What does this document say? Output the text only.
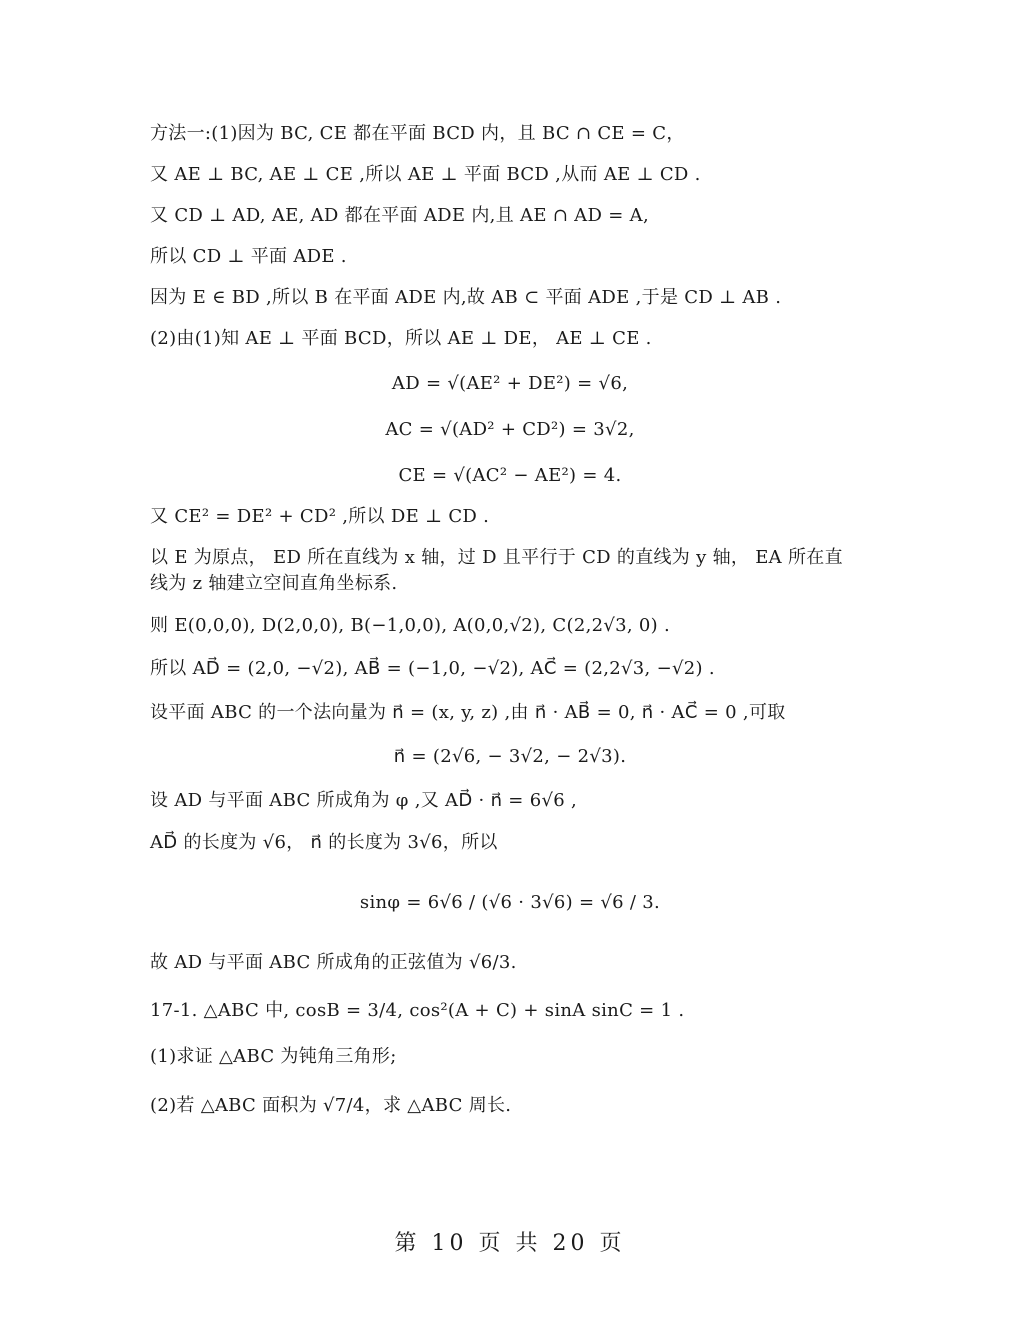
方法一:(1)因为 BC, CE 都在平面 BCD 内，且 BC ∩ CE = C，
又 AE ⊥ BC, AE ⊥ CE ,所以 AE ⊥ 平面 BCD ,从而 AE ⊥ CD .
又 CD ⊥ AD, AE, AD 都在平面 ADE 内,且 AE ∩ AD = A,
所以 CD ⊥ 平面 ADE .
因为 E ∈ BD ,所以 B 在平面 ADE 内,故 AB ⊂ 平面 ADE ,于是 CD ⊥ AB .
(2)由(1)知 AE ⊥ 平面 BCD，所以 AE ⊥ DE， AE ⊥ CE .
AD = √(AE² + DE²) = √6,
AC = √(AD² + CD²) = 3√2,
CE = √(AC² − AE²) = 4.
又 CE² = DE² + CD² ,所以 DE ⊥ CD .
以 E 为原点， ED 所在直线为 x 轴，过 D 且平行于 CD 的直线为 y 轴， EA 所在直
线为 z 轴建立空间直角坐标系.
则 E(0,0,0), D(2,0,0), B(−1,0,0), A(0,0,√2), C(2,2√3, 0) .
所以 AD⃗ = (2,0, −√2), AB⃗ = (−1,0, −√2), AC⃗ = (2,2√3, −√2) .
设平面 ABC 的一个法向量为 n⃗ = (x, y, z) ,由 n⃗ · AB⃗ = 0, n⃗ · AC⃗ = 0 ,可取
n⃗ = (2√6, − 3√2, − 2√3).
设 AD 与平面 ABC 所成角为 φ ,又 AD⃗ · n⃗ = 6√6 ,
AD⃗ 的长度为 √6， n⃗ 的长度为 3√6，所以
sinφ = 6√6 / (√6 · 3√6) = √6 / 3.
故 AD 与平面 ABC 所成角的正弦值为 √6/3.
17-1. △ABC 中, cosB = 3/4, cos²(A + C) + sinA sinC = 1 .
(1)求证 △ABC 为钝角三角形;
(2)若 △ABC 面积为 √7/4，求 △ABC 周长.
第 10 页 共 20 页
